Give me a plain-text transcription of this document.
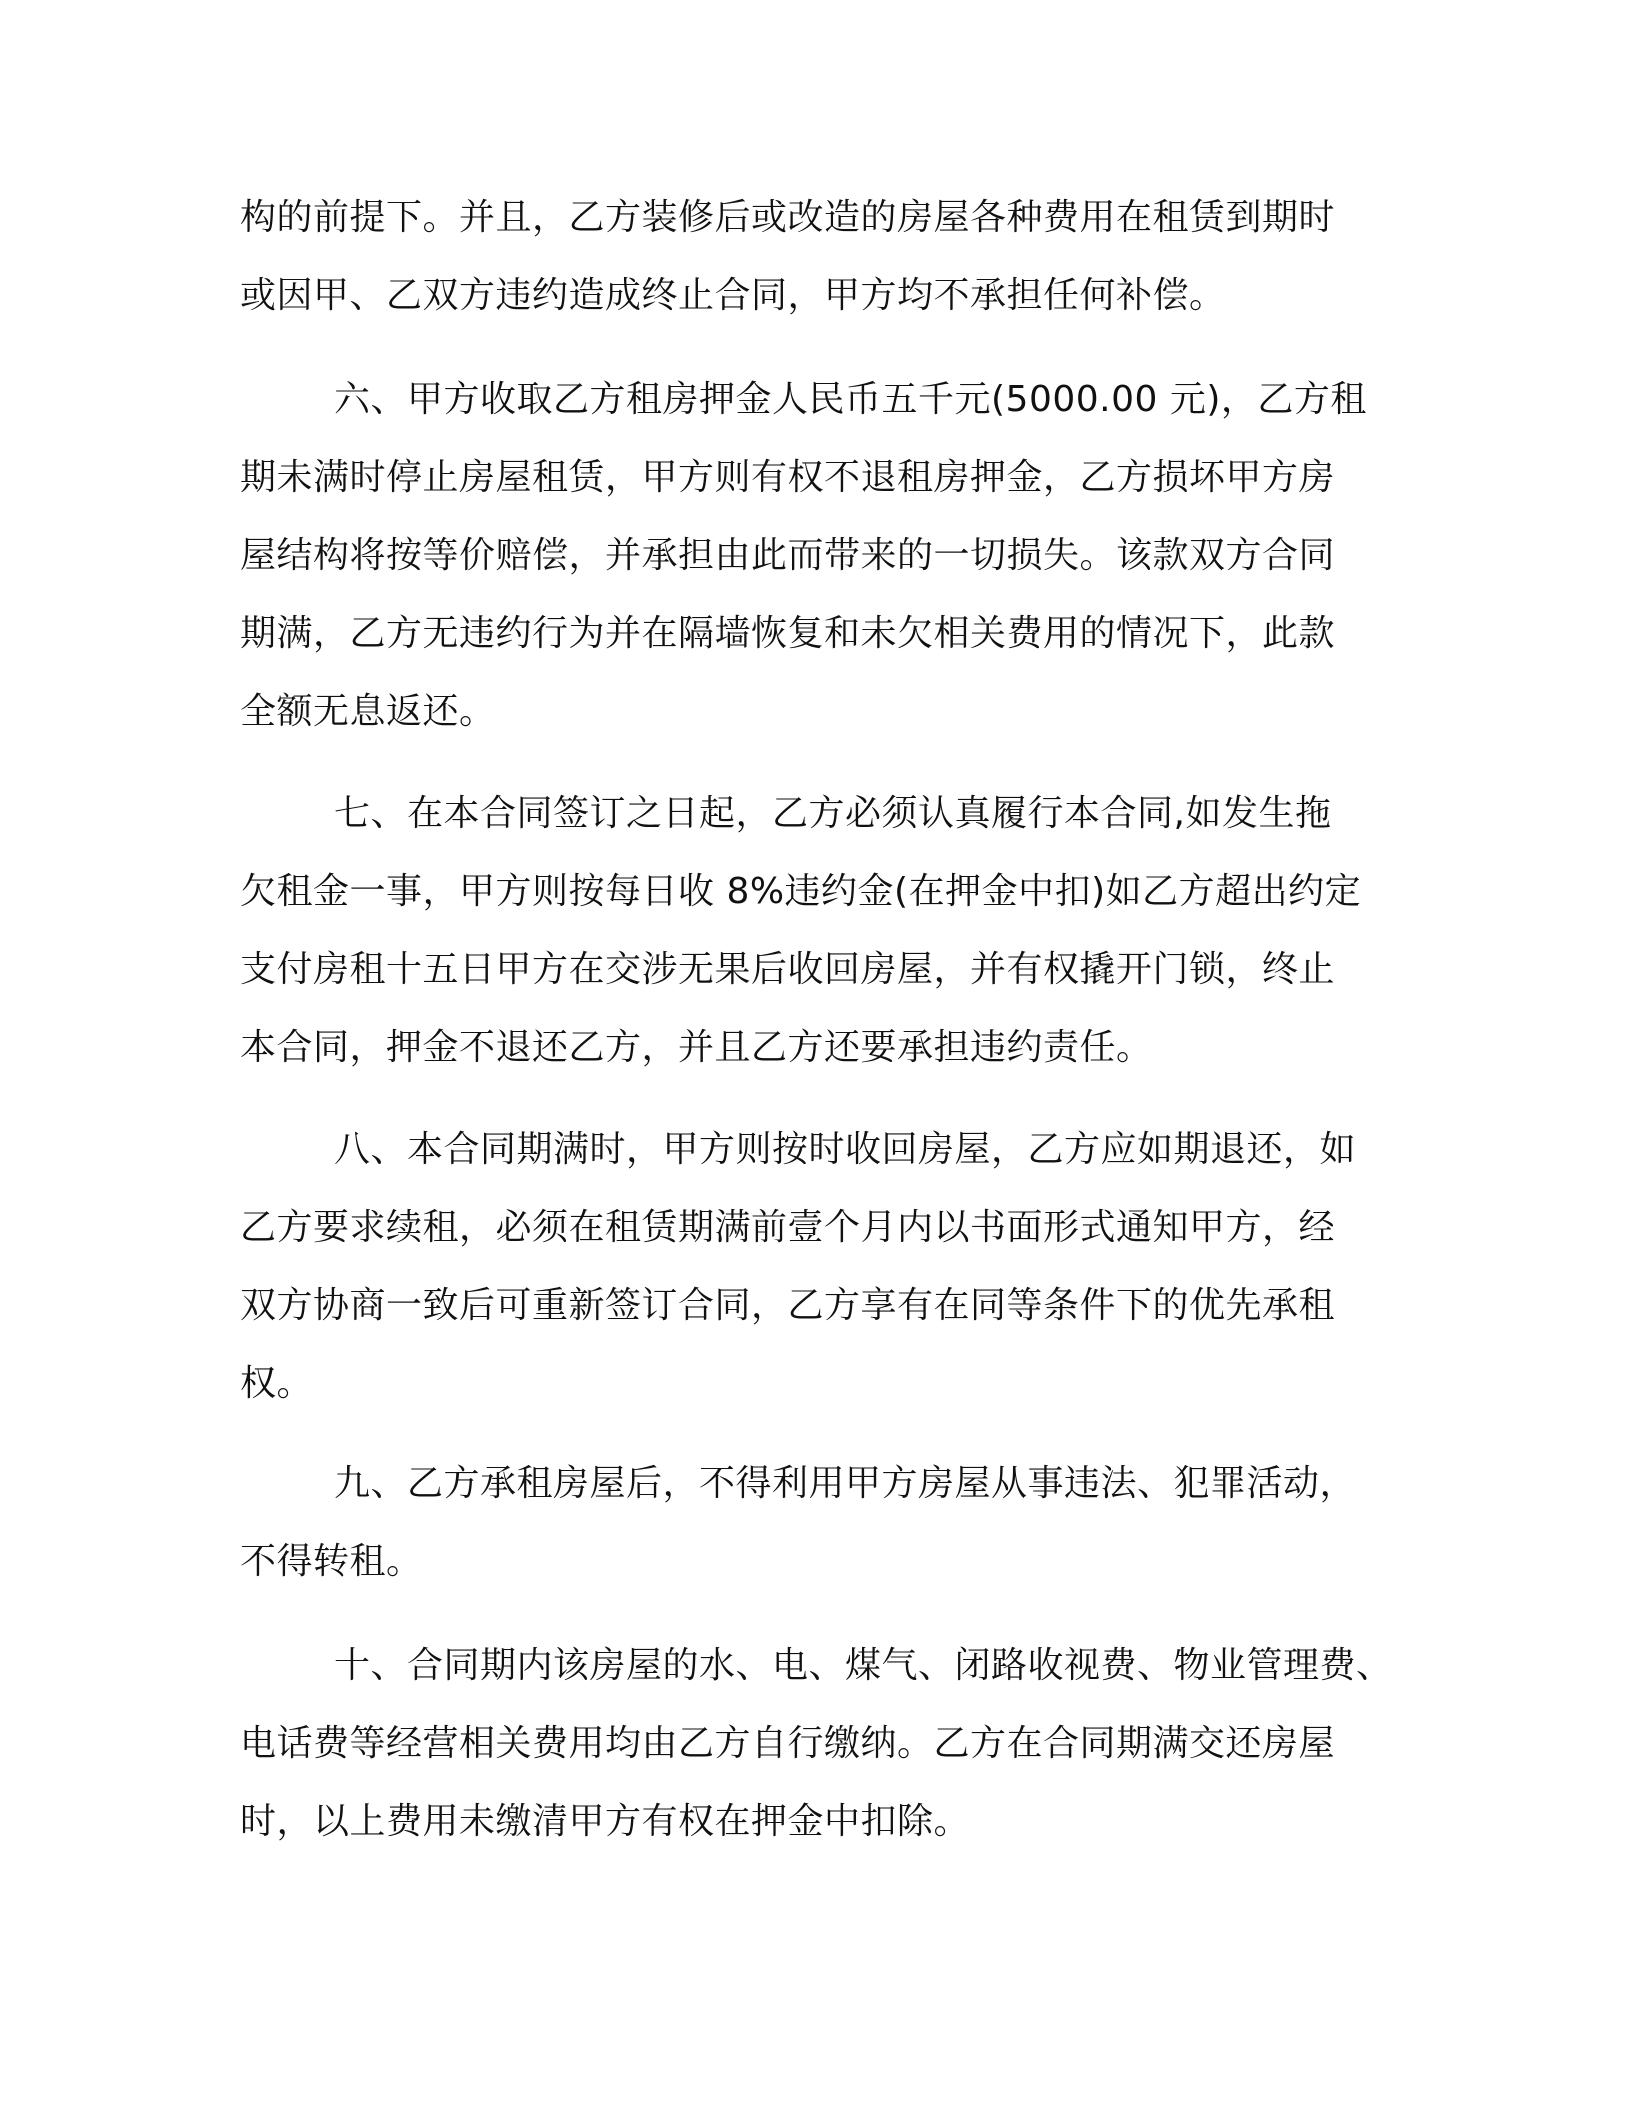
构的前提下。并且，乙方装修后或改造的房屋各种费用在租赁到期时
或因甲、乙双方违约造成终止合同，甲方均不承担任何补偿。
六、甲方收取乙方租房押金人民币五千元(5000.00 元)，乙方租
期未满时停止房屋租赁，甲方则有权不退租房押金，乙方损坏甲方房
屋结构将按等价赔偿，并承担由此而带来的一切损失。该款双方合同
期满，乙方无违约行为并在隔墙恢复和未欠相关费用的情况下，此款
全额无息返还。
七、在本合同签订之日起，乙方必须认真履行本合同,如发生拖
欠租金一事，甲方则按每日收 8%违约金(在押金中扣)如乙方超出约定
支付房租十五日甲方在交涉无果后收回房屋，并有权撬开门锁，终止
本合同，押金不退还乙方，并且乙方还要承担违约责任。
八、本合同期满时，甲方则按时收回房屋，乙方应如期退还，如
乙方要求续租，必须在租赁期满前壹个月内以书面形式通知甲方，经
双方协商一致后可重新签订合同，乙方享有在同等条件下的优先承租
权。
九、乙方承租房屋后，不得利用甲方房屋从事违法、犯罪活动，
不得转租。
十、合同期内该房屋的水、电、煤气、闭路收视费、物业管理费、
电话费等经营相关费用均由乙方自行缴纳。乙方在合同期满交还房屋
时，以上费用未缴清甲方有权在押金中扣除。
